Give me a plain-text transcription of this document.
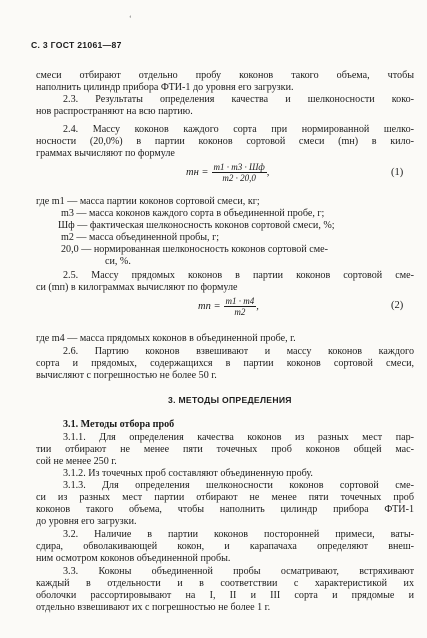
‘
С. 3 ГОСТ 21061—87
смеси отбирают отдельно пробу коконов такого объема, чтобы
наполнить цилиндр прибора ФТИ-1 до уровня его загрузки.
2.3. Результаты определения качества и шелконосности коко-
нов распространяют на всю партию.
2.4. Массу коконов каждого сорта при нормированной шелко-
носности (20,0%) в партии коконов сортовой смеси (mн) в кило-
граммах вычисляют по формуле
mн = $\frac{m1 \cdot m3 \cdot Шф}{m2 \cdot 20,0}$ ,	(1)
где m1 — масса партии коконов сортовой смеси, кг;
m3 — масса коконов каждого сорта в объединенной пробе, г;
Шф — фактическая шелконосность коконов сортовой смеси, %;
m2 — масса объединенной пробы, г;
20,0 — нормированная шелконосность коконов сортовой сме-
си, %.
2.5. Массу прядомых коконов в партии коконов сортовой сме-
си (mп) в килограммах вычисляют по формуле
mп = $\frac{m1 \cdot m4}{m2}$ ,	(2)
где m4 — масса прядомых коконов в объединенной пробе, г.
2.6. Партию коконов взвешивают и массу коконов каждого
сорта и прядомых, содержащихся в партии коконов сортовой смеси,
вычисляют с погрешностью не более 50 г.
3. МЕТОДЫ ОПРЕДЕЛЕНИЯ
3.1. Методы отбора проб
3.1.1. Для определения качества коконов из разных мест пар-
тии отбирают не менее пяти точечных проб коконов общей мас-
сой не менее 250 г.
3.1.2. Из точечных проб составляют объединенную пробу.
3.1.3. Для определения шелконосности коконов сортовой сме-
си из разных мест партии отбирают не менее пяти точечных проб
коконов такого объема, чтобы наполнить цилиндр прибора ФТИ-1
до уровня его загрузки.
3.2. Наличие в партии коконов посторонней примеси, ваты-
сдира, обволакивающей кокон, и карапачаха определяют внеш-
ним осмотром коконов объединенной пробы.
3.3. Коконы объединенной пробы осматривают, встряхивают
каждый в отдельности и в соответствии с характеристикой их
оболочки рассортировывают на I, II и III сорта и прядомые и
отдельно взвешивают их с погрешностью не более 1 г.
